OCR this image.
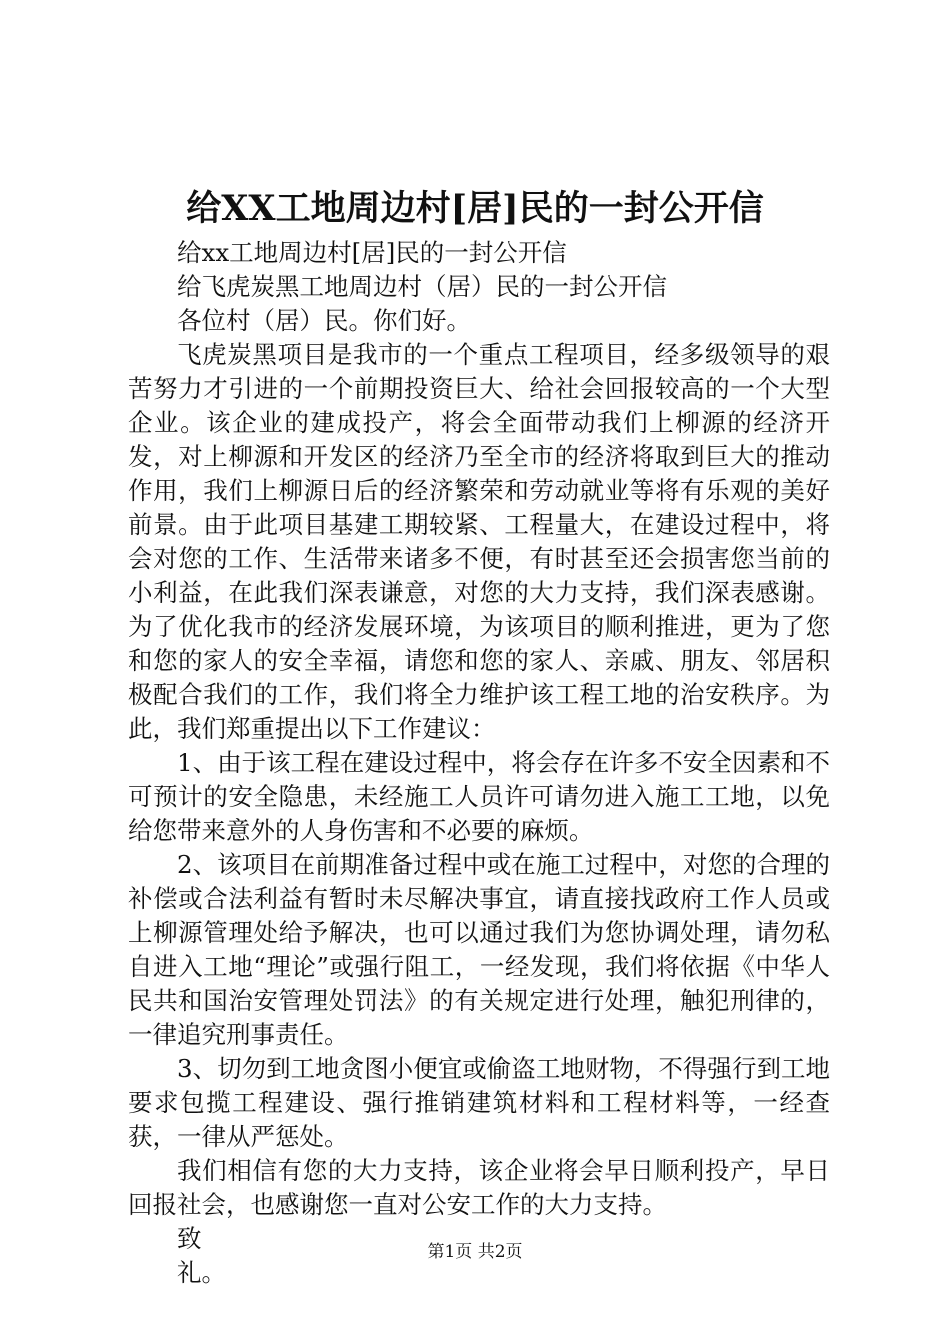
给XX工地周边村[居]民的一封公开信

给xx工地周边村[居]民的一封公开信

给飞虎炭黑工地周边村（居）民的一封公开信

各位村（居）民。你们好。

飞虎炭黑项目是我市的一个重点工程项目，经多级领导的艰苦努力才引进的一个前期投资巨大、给社会回报较高的一个大型企业。该企业的建成投产，将会全面带动我们上柳源的经济开发，对上柳源和开发区的经济乃至全市的经济将取到巨大的推动作用，我们上柳源日后的经济繁荣和劳动就业等将有乐观的美好前景。由于此项目基建工期较紧、工程量大，在建设过程中，将会对您的工作、生活带来诸多不便，有时甚至还会损害您当前的小利益，在此我们深表谦意，对您的大力支持，我们深表感谢。为了优化我市的经济发展环境，为该项目的顺利推进，更为了您和您的家人的安全幸福，请您和您的家人、亲戚、朋友、邻居积极配合我们的工作，我们将全力维护该工程工地的治安秩序。为此，我们郑重提出以下工作建议：

1、由于该工程在建设过程中，将会存在许多不安全因素和不可预计的安全隐患，未经施工人员许可请勿进入施工工地，以免给您带来意外的人身伤害和不必要的麻烦。

2、该项目在前期准备过程中或在施工过程中，对您的合理的补偿或合法利益有暂时未尽解决事宜，请直接找政府工作人员或上柳源管理处给予解决，也可以通过我们为您协调处理，请勿私自进入工地“理论”或强行阻工，一经发现，我们将依据《中华人民共和国治安管理处罚法》的有关规定进行处理，触犯刑律的，一律追究刑事责任。

3、切勿到工地贪图小便宜或偷盗工地财物，不得强行到工地要求包揽工程建设、强行推销建筑材料和工程材料等，一经查获，一律从严惩处。

我们相信有您的大力支持，该企业将会早日顺利投产，早日回报社会，也感谢您一直对公安工作的大力支持。

致

礼。

第1页 共2页
